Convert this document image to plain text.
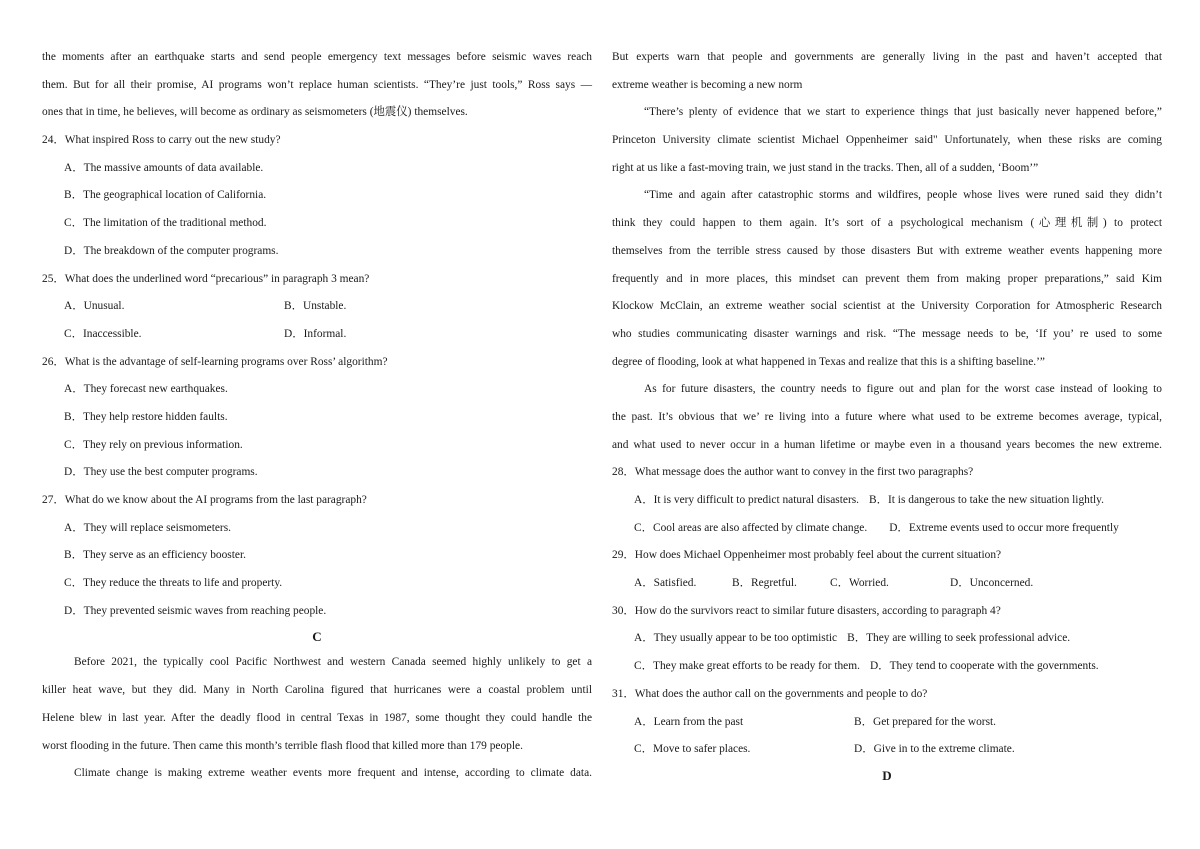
the moments after an earthquake starts and send people emergency text messages before seismic waves reach
them. But for all their promise, AI programs won’t replace human scientists. “They’re just tools,” Ross says —
ones that in time, he believes, will become as ordinary as seismometers (地震仪) themselves.
24．What inspired Ross to carry out the new study?
A．The massive amounts of data available.
B．The geographical location of California.
C．The limitation of the traditional method.
D．The breakdown of the computer programs.
25．What does the underlined word “precarious” in paragraph 3 mean?
A．Unusual.	B．Unstable.
C．Inaccessible.	D．Informal.
26．What is the advantage of self-learning programs over Ross’ algorithm?
A．They forecast new earthquakes.
B．They help restore hidden faults.
C．They rely on previous information.
D．They use the best computer programs.
27．What do we know about the AI programs from the last paragraph?
A．They will replace seismometers.
B．They serve as an efficiency booster.
C．They reduce the threats to life and property.
D．They prevented seismic waves from reaching people.
C
Before 2021, the typically cool Pacific Northwest and western Canada seemed highly unlikely to get a
killer heat wave, but they did. Many in North Carolina figured that hurricanes were a coastal problem until
Helene blew in last year. After the deadly flood in central Texas in 1987, some thought they could handle the
worst flooding in the future. Then came this month’s terrible flash flood that killed more than 179 people.
Climate change is making extreme weather events more frequent and intense, according to climate data.
But experts warn that people and governments are generally living in the past and haven’t accepted that
extreme weather is becoming a new norm
“There’s plenty of evidence that we start to experience things that just basically never happened before,”
Princeton University climate scientist Michael Oppenheimer said" Unfortunately, when these risks are coming
right at us like a fast-moving train, we just stand in the tracks. Then, all of a sudden, ‘Boom’”
“Time and again after catastrophic storms and wildfires, people whose lives were runed said they didn’t
think they could happen to them again. It’s sort of a psychological mechanism (心理机制) to protect
themselves from the terrible stress caused by those disasters But with extreme weather events happening more
frequently and in more places, this mindset can prevent them from making proper preparations,” said Kim
Klockow McClain, an extreme weather social scientist at the University Corporation for Atmospheric Research
who studies communicating disaster warnings and risk. “The message needs to be, ‘If you’ re used to some
degree of flooding, look at what happened in Texas and realize that this is a shifting baseline.’”
As for future disasters, the country needs to figure out and plan for the worst case instead of looking to
the past. It’s obvious that we’ re living into a future where what used to be extreme becomes average, typical,
and what used to never occur in a human lifetime or maybe even in a thousand years becomes the new extreme.
28．What message does the author want to convey in the first two paragraphs?
A．It is very difficult to predict natural disasters. B．It is dangerous to take the new situation lightly.
C．Cool areas are also affected by climate change. D．Extreme events used to occur more frequently
29．How does Michael Oppenheimer most probably feel about the current situation?
A．Satisfied.	B．Regretful.	C．Worried.	D．Unconcerned.
30．How do the survivors react to similar future disasters, according to paragraph 4?
A．They usually appear to be too optimistic B．They are willing to seek professional advice.
C．They make great efforts to be ready for them. D．They tend to cooperate with the governments.
31．What does the author call on the governments and people to do?
A．Learn from the past	B．Get prepared for the worst.
C．Move to safer places.	D．Give in to the extreme climate.
D
